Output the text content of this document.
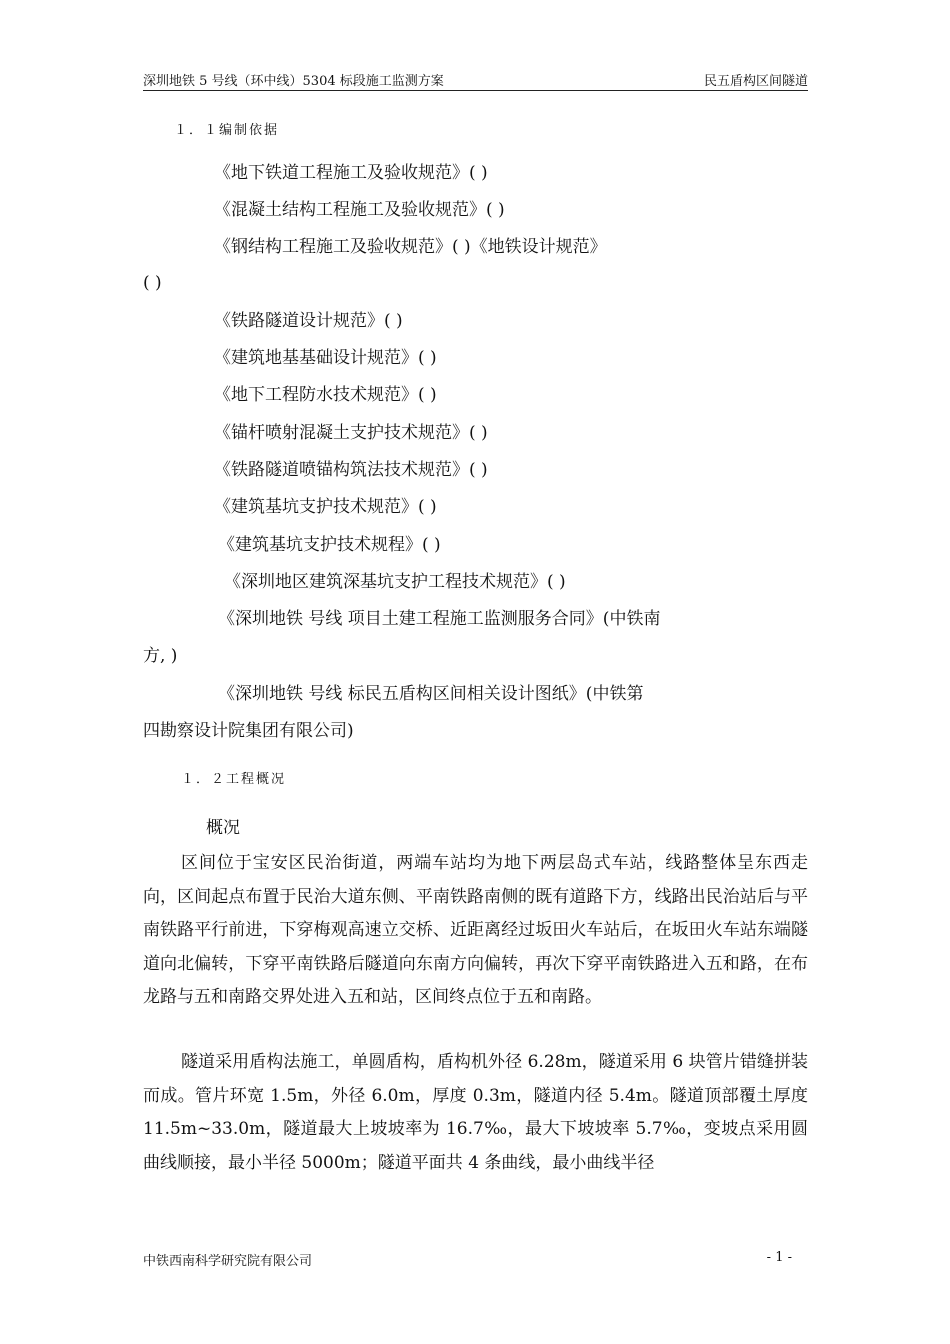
深圳地铁 5 号线（环中线）5304 标段施工监测方案	民五盾构区间隧道
１．１编制依据
《地下铁道工程施工及验收规范》( )
《混凝土结构工程施工及验收规范》( )
《钢结构工程施工及验收规范》( )《地铁设计规范》
( )
《铁路隧道设计规范》( )
《建筑地基基础设计规范》( )
《地下工程防水技术规范》( )
《锚杆喷射混凝土支护技术规范》( )
《铁路隧道喷锚构筑法技术规范》( )
《建筑基坑支护技术规范》( )
《建筑基坑支护技术规程》( )
《深圳地区建筑深基坑支护工程技术规范》( )
《深圳地铁 号线 项目土建工程施工监测服务合同》(中铁南
方, )
《深圳地铁 号线 标民五盾构区间相关设计图纸》(中铁第
四勘察设计院集团有限公司)
１．２工程概况
概况
区间位于宝安区民治街道，两端车站均为地下两层岛式车站，线路整体呈东西走向，区间起点布置于民治大道东侧、平南铁路南侧的既有道路下方，线路出民治站后与平南铁路平行前进，下穿梅观高速立交桥、近距离经过坂田火车站后，在坂田火车站东端隧道向北偏转，下穿平南铁路后隧道向东南方向偏转，再次下穿平南铁路进入五和路，在布龙路与五和南路交界处进入五和站，区间终点位于五和南路。
隧道采用盾构法施工，单圆盾构，盾构机外径 6.28m，隧道采用 6 块管片错缝拼装而成。管片环宽 1.5m，外径 6.0m，厚度 0.3m，隧道内径 5.4m。隧道顶部覆土厚度 11.5m~33.0m，隧道最大上坡坡率为 16.7‰，最大下坡坡率 5.7‰，变坡点采用圆曲线顺接，最小半径 5000m；隧道平面共 4 条曲线，最小曲线半径
中铁西南科学研究院有限公司	- 1 -
